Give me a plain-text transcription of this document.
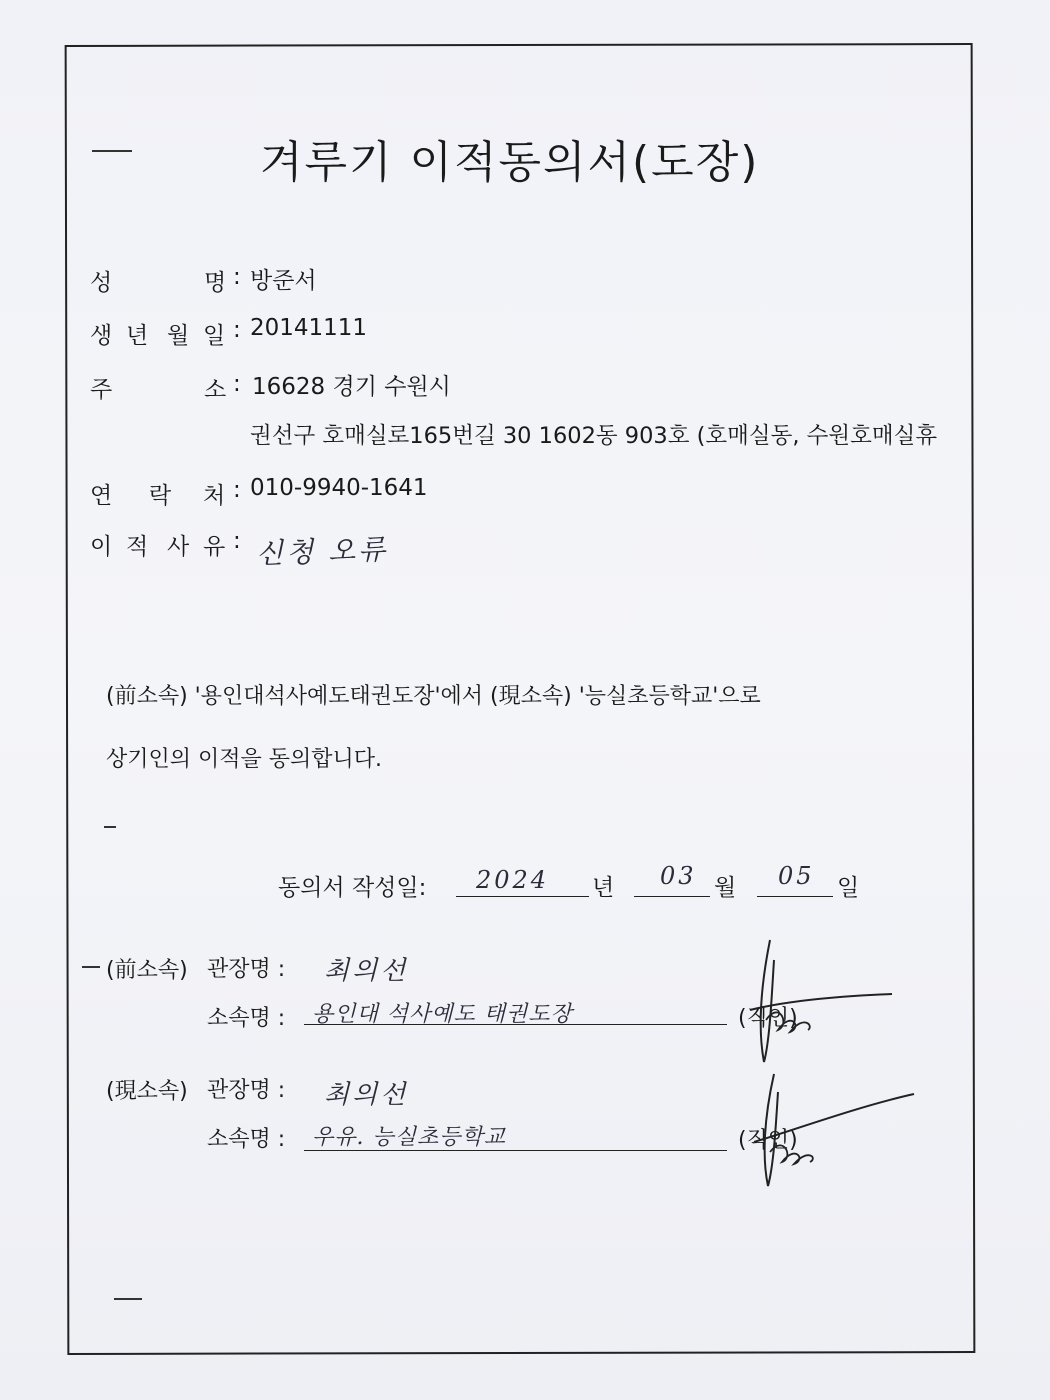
겨루기 이적동의서(도장)
성	명 : 방준서
생 년 월 일 : 20141111
주	소 : 16628 경기 수원시
권선구 호매실로165번길 30 1602동 903호 (호매실동, 수원호매실휴
연 락 처 : 010-9940-1641
이 적 사 유 : 신청 오류
(前소속) '용인대석사예도태권도장'에서 (現소속) '능실초등학교'으로
상기인의 이적을 동의합니다.
동의서 작성일: 2024 년 03 월 05 일
(前소속) 관장명 : 최의선
소속명 : 용인대 석사예도 태권도장	(직인)
(現소속) 관장명 : 최의선
소속명 : 우유. 능실초등학교	(직인)
